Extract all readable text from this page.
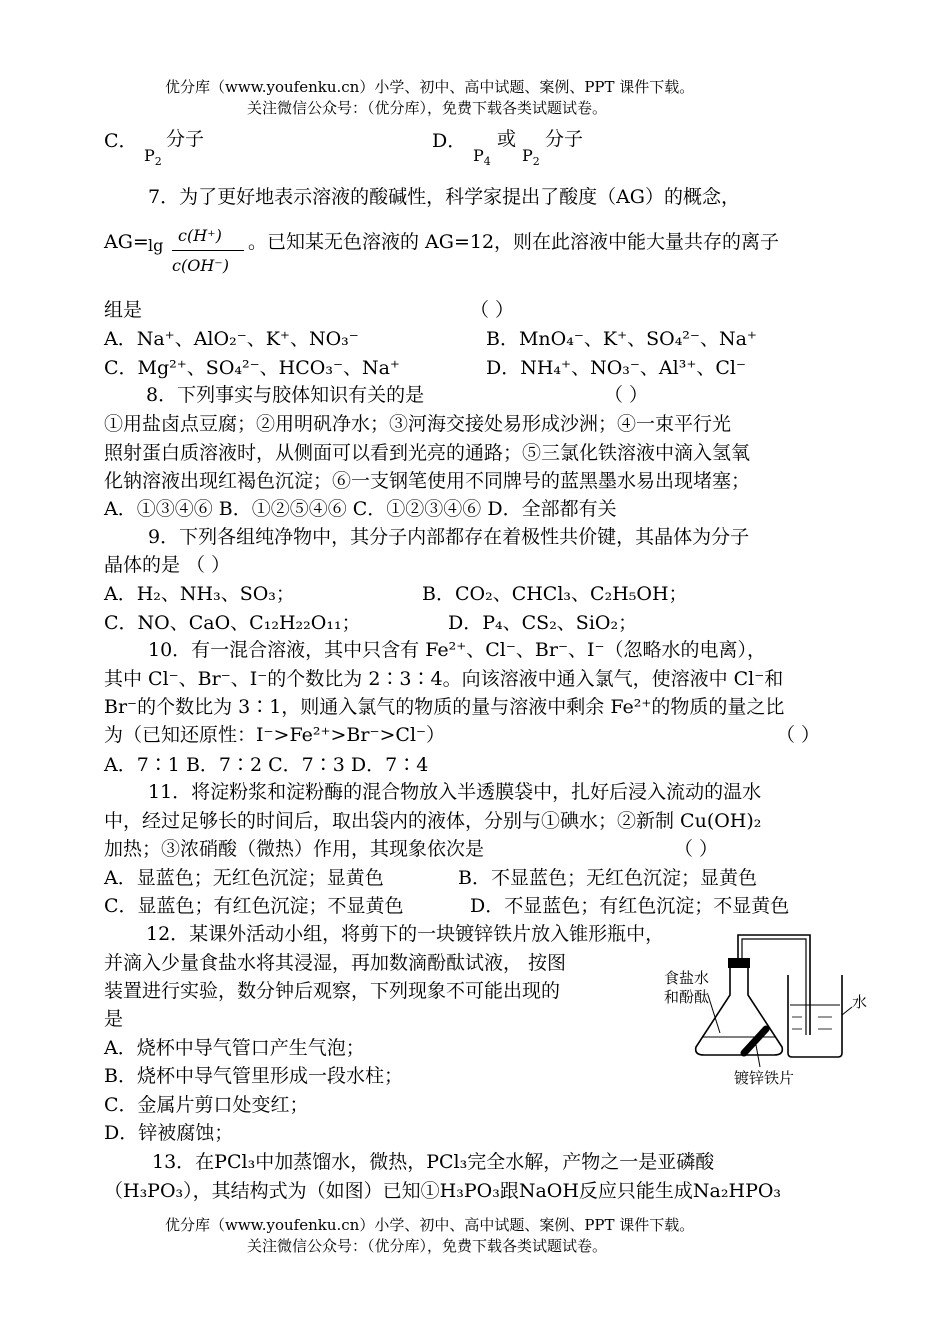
优分库（www.youfenku.cn）小学、初中、高中试题、案例、PPT 课件下载。
关注微信公众号：（优分库），免费下载各类试题试卷。
C．
$P_2$
分子	D．
$P_4$
或
$P_2$
分子
7．为了更好地表示溶液的酸碱性，科学家提出了酸度（AG）的概念，
AG= lg
c(H⁺)
c(OH⁻)
。已知某无色溶液的 AG=12，则在此溶液中能大量共存的离子
组是	（ ）
A．Na⁺、AlO₂⁻、K⁺、NO₃⁻	B．MnO₄⁻、K⁺、SO₄²⁻、Na⁺
C．Mg²⁺、SO₄²⁻、HCO₃⁻、Na⁺	D．NH₄⁺、NO₃⁻、Al³⁺、Cl⁻
8．下列事实与胶体知识有关的是	（ ）
①用盐卤点豆腐；②用明矾净水；③河海交接处易形成沙洲；④一束平行光
照射蛋白质溶液时，从侧面可以看到光亮的通路；⑤三氯化铁溶液中滴入氢氧
化钠溶液出现红褐色沉淀；⑥一支钢笔使用不同牌号的蓝黑墨水易出现堵塞；
A．①③④⑥ B．①②⑤④⑥ C．①②③④⑥ D．全部都有关
9．下列各组纯净物中，其分子内部都存在着极性共价键，其晶体为分子
晶体的是 （ ）
A．H₂、NH₃、SO₃；	B．CO₂、CHCl₃、C₂H₅OH；
C．NO、CaO、C₁₂H₂₂O₁₁；	D．P₄、CS₂、SiO₂；
10．有一混合溶液，其中只含有 Fe²⁺、Cl⁻、Br⁻、I⁻（忽略水的电离），
其中 Cl⁻、Br⁻、I⁻的个数比为 2∶3∶4。向该溶液中通入氯气，使溶液中 Cl⁻和
Br⁻的个数比为 3∶1，则通入氯气的物质的量与溶液中剩余 Fe²⁺的物质的量之比
为（已知还原性：I⁻>Fe²⁺>Br⁻>Cl⁻）	（ ）
A．7∶1 B．7∶2 C．7∶3 D．7∶4
11．将淀粉浆和淀粉酶的混合物放入半透膜袋中，扎好后浸入流动的温水
中，经过足够长的时间后，取出袋内的液体，分别与①碘水；②新制 Cu(OH)₂
加热；③浓硝酸（微热）作用，其现象依次是	（ ）
A．显蓝色；无红色沉淀；显黄色	B．不显蓝色；无红色沉淀；显黄色
C．显蓝色；有红色沉淀；不显黄色	D．不显蓝色；有红色沉淀；不显黄色
12．某课外活动小组，将剪下的一块镀锌铁片放入锥形瓶中，
并滴入少量食盐水将其浸湿，再加数滴酚酞试液， 按图
装置进行实验，数分钟后观察，下列现象不可能出现的
是
A．烧杯中导气管口产生气泡；
B．烧杯中导气管里形成一段水柱；
C．金属片剪口处变红；
D．锌被腐蚀；
食盐水
和酚酞	水
镀锌铁片
13．在PCl₃中加蒸馏水，微热，PCl₃完全水解，产物之一是亚磷酸
（H₃PO₃），其结构式为（如图）已知①H₃PO₃跟NaOH反应只能生成Na₂HPO₃
优分库（www.youfenku.cn）小学、初中、高中试题、案例、PPT 课件下载。
关注微信公众号：（优分库），免费下载各类试题试卷。
